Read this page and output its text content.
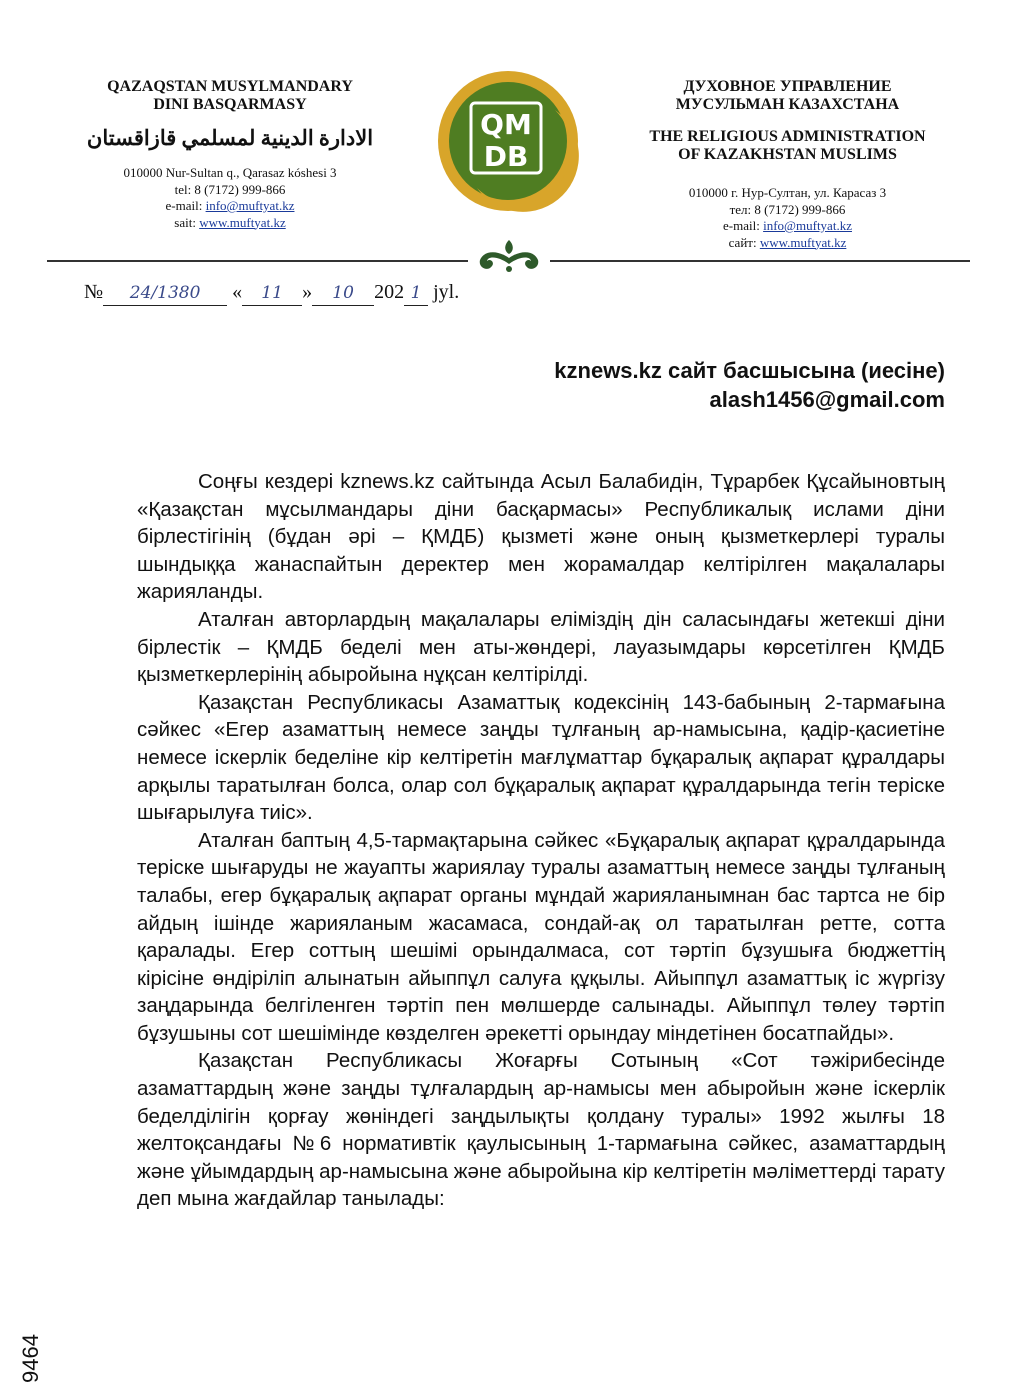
QAZAQSTAN MUSYLMANDARY
DINI BASQARMASY
الادارة الدينية لمسلمي قازاقستان
010000 Nur-Sultan q., Qarasaz kóshesi 3
tel: 8 (7172) 999-866
e-mail: info@muftyat.kz
sait: www.muftyat.kz
QM
DB
ДУХОВНОЕ УПРАВЛЕНИЕ
МУСУЛЬМАН КАЗАХСТАНА
THE RELIGIOUS ADMINISTRATION
OF KAZAKHSTAN MUSLIMS
010000 г. Нур-Султан, ул. Карасаз 3
тел: 8 (7172) 999-866
e-mail: info@muftyat.kz
сайт: www.muftyat.kz
№ 24/1380 « 11 » 10 202 1 jyl.
kznews.kz сайт басшысына (иесіне)
alash1456@gmail.com

Соңғы кездері kznews.kz сайтында Асыл Балабидін, Тұрарбек Құсайыновтың «Қазақстан мұсылмандары діни басқармасы» Республикалық ислами діни бірлестігінің (бұдан әрі – ҚМДБ) қызметі және оның қызметкерлері туралы шындыққа жанаспайтын деректер мен жорамалдар келтірілген мақалалары жарияланды.

Аталған авторлардың мақалалары еліміздің дін саласындағы жетекші діни бірлестік – ҚМДБ беделі мен аты-жөндері, лауазымдары көрсетілген ҚМДБ қызметкерлерінің абыройына нұқсан келтірілді.

Қазақстан Республикасы Азаматтық кодексінің 143-бабының 2-тармағына сәйкес «Егер азаматтың немесе заңды тұлғаның ар-намысына, қадір-қасиетіне немесе іскерлік беделіне кір келтіретін мағлұматтар бұқаралық ақпарат құралдары арқылы таратылған болса, олар сол бұқаралық ақпарат құралдарында тегін теріске шығарылуға тиіс».

Аталған баптың 4,5-тармақтарына сәйкес «Бұқаралық ақпарат құралдарында теріске шығаруды не жауапты жариялау туралы азаматтың немесе заңды тұлғаның талабы, егер бұқаралық ақпарат органы мұндай жарияланымнан бас тартса не бір айдың ішінде жарияланым жасамаса, сондай-ақ ол таратылған ретте, сотта қаралады. Егер соттың шешімі орындалмаса, сот тәртіп бұзушыға бюджеттің кірісіне өндіріліп алынатын айыппұл салуға құқылы. Айыппұл азаматтық іс жүргізу заңдарында белгіленген тәртіп пен мөлшерде салынады. Айыппұл төлеу тәртіп бұзушыны сот шешімінде көзделген әрекетті орындау міндетінен босатпайды».

Қазақстан Республикасы Жоғарғы Сотының «Сот тәжірибесінде азаматтардың және заңды тұлғалардың ар-намысы мен абыройын және іскерлік беделділігін қорғау жөніндегі заңдылықты қолдану туралы» 1992 жылғы 18 желтоқсандағы №6 нормативтік қаулысының 1-тармағына сәйкес, азаматтардың және ұйымдардың ар-намысына және абыройына кір келтіретін мәліметтерді тарату деп мына жағдайлар танылады:

9464
